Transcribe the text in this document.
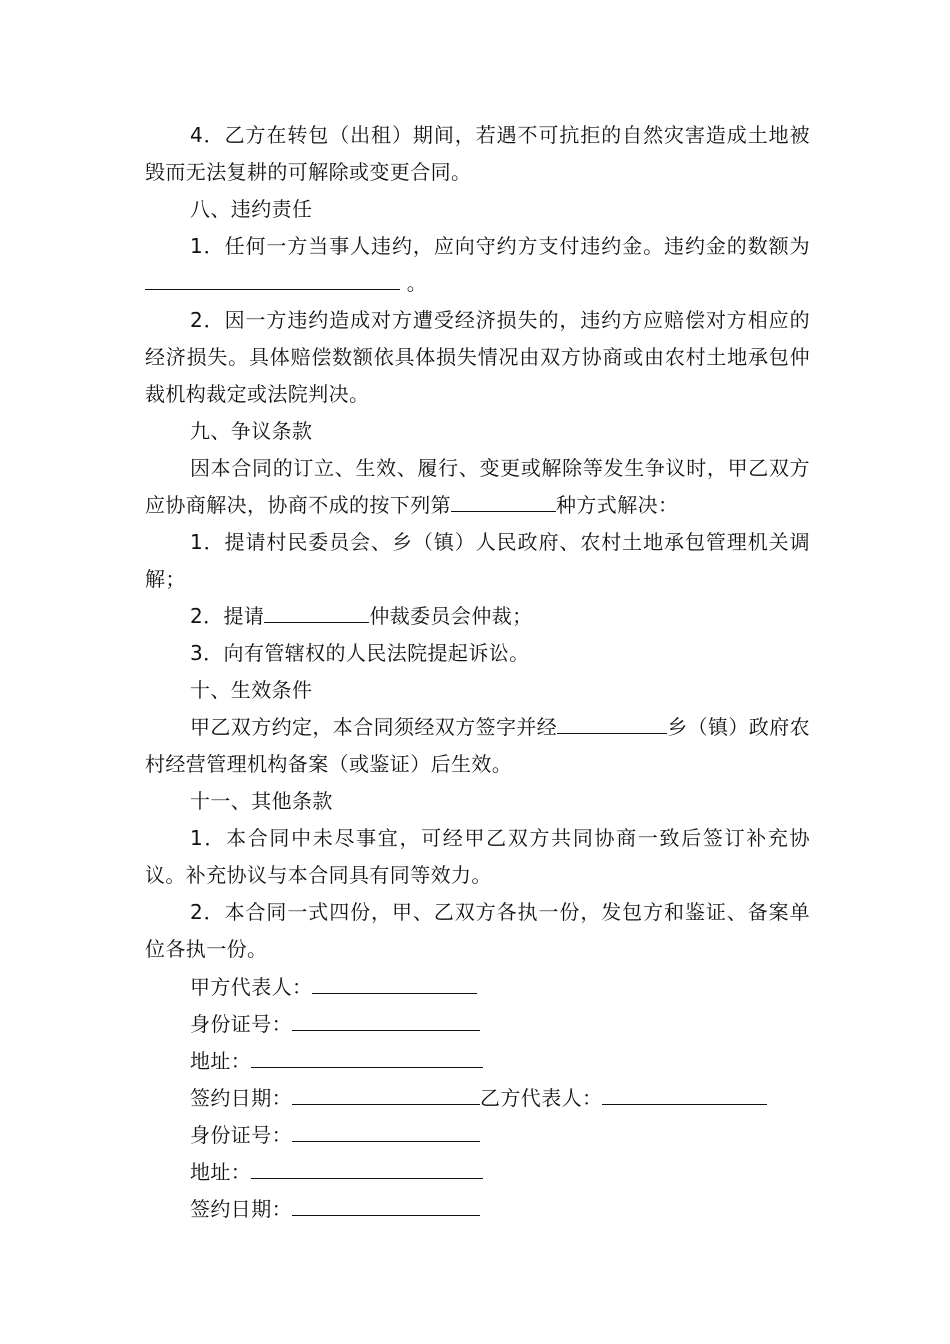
4．乙方在转包（出租）期间，若遇不可抗拒的自然灾害造成土地被毁而无法复耕的可解除或变更合同。

八、违约责任

1．任何一方当事人违约，应向守约方支付违约金。违约金的数额为 。

2．因一方违约造成对方遭受经济损失的，违约方应赔偿对方相应的经济损失。具体赔偿数额依具体损失情况由双方协商或由农村土地承包仲裁机构裁定或法院判决。

九、争议条款

因本合同的订立、生效、履行、变更或解除等发生争议时，甲乙双方应协商解决，协商不成的按下列第	种方式解决：

1．提请村民委员会、乡（镇）人民政府、农村土地承包管理机关调解；

2．提请	仲裁委员会仲裁；

3．向有管辖权的人民法院提起诉讼。

十、生效条件

甲乙双方约定，本合同须经双方签字并经	乡（镇）政府农村经营管理机构备案（或鉴证）后生效。

十一、其他条款

1．本合同中未尽事宜，可经甲乙双方共同协商一致后签订补充协议。补充协议与本合同具有同等效力。

2．本合同一式四份，甲、乙双方各执一份，发包方和鉴证、备案单位各执一份。

甲方代表人：
身份证号：
地址：
签约日期：	乙方代表人：
身份证号：
地址：
签约日期：
